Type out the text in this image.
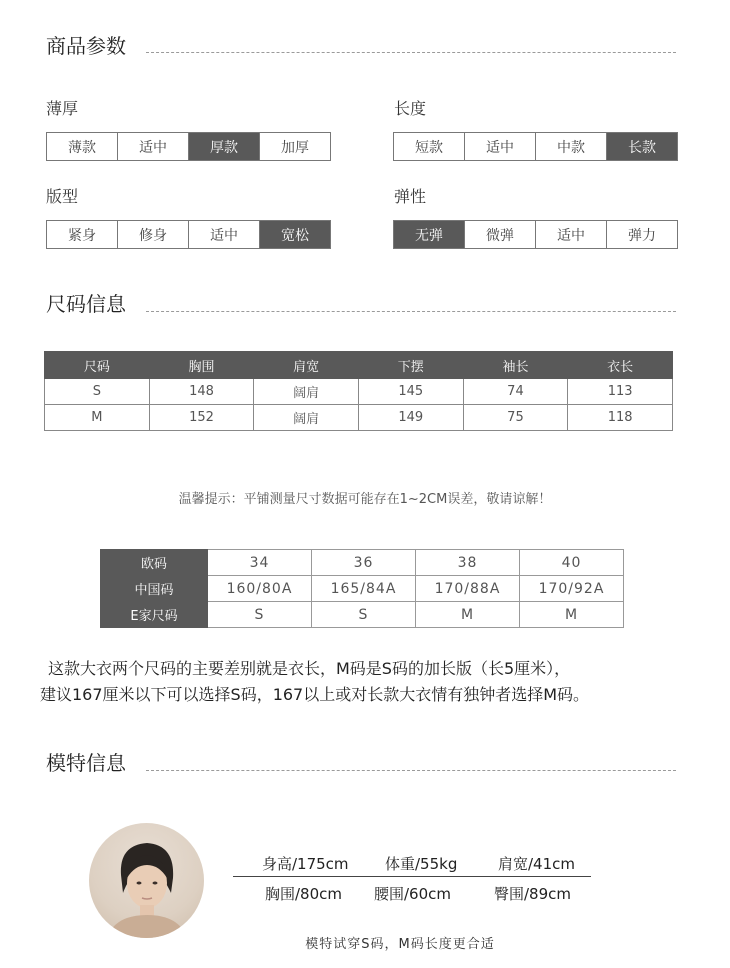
商品参数
薄厚
薄款	适中	厚款	加厚
长度
短款	适中	中款	长款
版型
紧身	修身	适中	宽松
弹性
无弹	微弹	适中	弹力
尺码信息
尺码	胸围	肩宽	下摆	袖长	衣长
S	148	阔肩	145	74	113
M	152	阔肩	149	75	118
温馨提示：平铺测量尺寸数据可能存在1~2CM误差，敬请谅解！
欧码	34	36	38	40
中国码	160/80A	165/84A	170/88A	170/92A
E家尺码	S	S	M	M
这款大衣两个尺码的主要差别就是衣长，M码是S码的加长版（长5厘米），
建议167厘米以下可以选择S码，167以上或对长款大衣情有独钟者选择M码。
模特信息
身高/175cm 体重/55kg	肩宽/41cm
胸围/80cm 腰围/60cm	臀围/89cm
模特试穿S码，M码长度更合适
